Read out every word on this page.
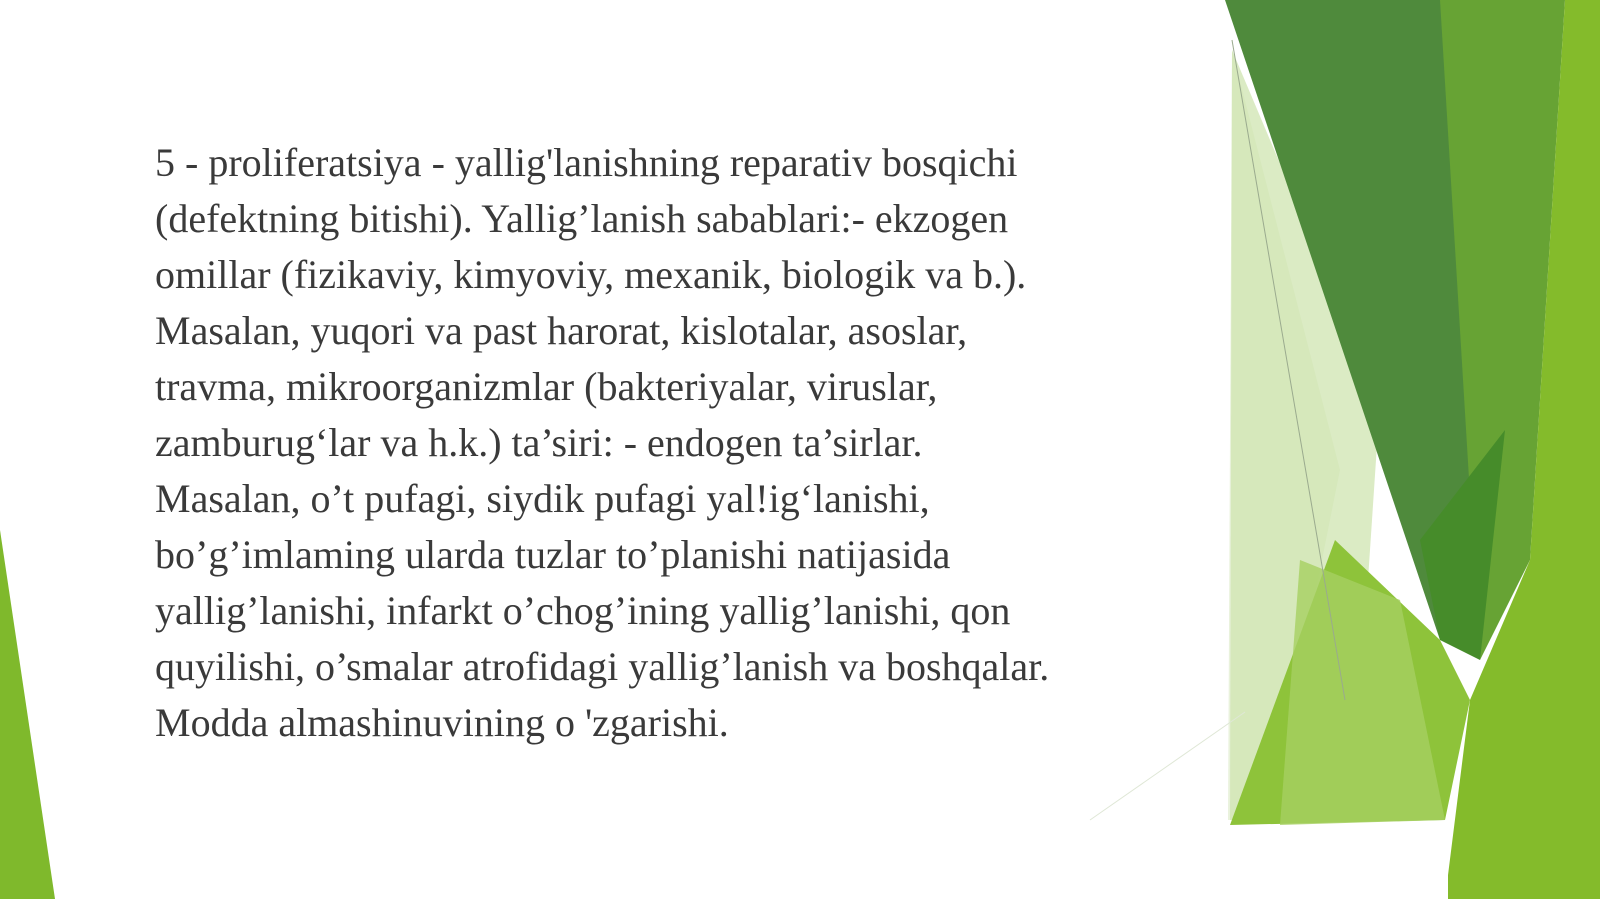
5 - proliferatsiya - yallig'lanishning reparativ bosqichi
(defektning bitishi). Yallig’lanish sabablari:- ekzogen
omillar (fizikaviy, kimyoviy, mexanik, biologik va b.).
Masalan, yuqori va past harorat, kislotalar, asoslar,
travma, mikroorganizmlar (bakteriyalar, viruslar,
zamburug‘lar va h.k.) ta’siri: - endogen ta’sirlar.
Masalan, o’t pufagi, siydik pufagi yal!ig‘lanishi,
bo’g’imlaming ularda tuzlar to’planishi natijasida
yallig’lanishi, infarkt o’chog’ining yallig’lanishi, qon
quyilishi, o’smalar atrofidagi yallig’lanish va boshqalar.
Modda almashinuvining o 'zgarishi.
